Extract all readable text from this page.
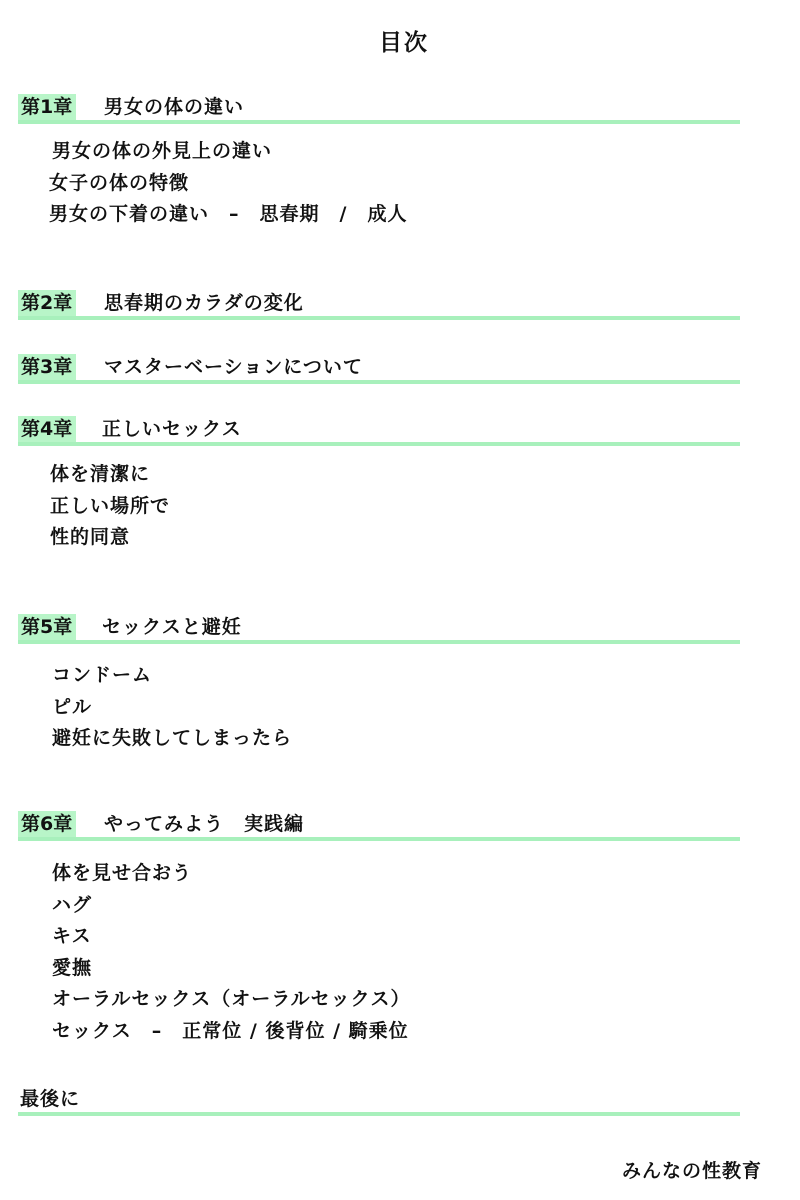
目次
第1章 男女の体の違い
男女の体の外見上の違い
女子の体の特徴
男女の下着の違い　–　思春期　/　成人
第2章 思春期のカラダの変化
第3章 マスターベーションについて
第4章 正しいセックス
体を清潔に
正しい場所で
性的同意
第5章 セックスと避妊
コンドーム
ピル
避妊に失敗してしまったら
第6章 やってみよう　実践編
体を見せ合おう
ハグ
キス
愛撫
オーラルセックス（オーラルセックス）
セックス　–　正常位 / 後背位 / 騎乗位
最後に
みんなの性教育
